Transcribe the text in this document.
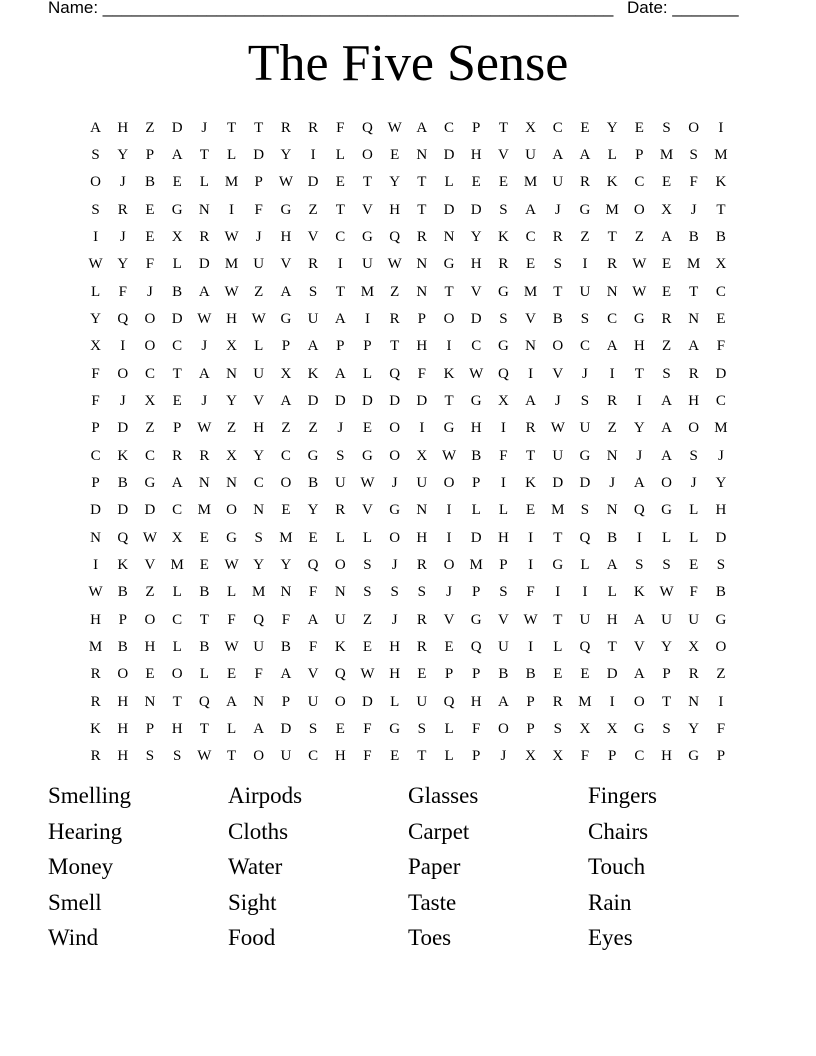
Name: ______________________________________________________ Date: _______
The Five Sense
A	H	Z	D	J	T	T	R	R	F	Q W A	C	P	T	X	C	E	Y	E	S	O	I
S	Y	P	A	T	L	D	Y	I	L	O	E	N	D	H	V	U	A	A	L	P	M	S	M
O	J	B	E	L	M	P	W D	E	T	Y	T	L	E	E	M	U	R	K	C	E	F	K
S	R	E	G	N	I	F	G	Z	T	V	H	T	D	D	S	A	J	G	M	O	X	J	T
I	J	E	X	R	W	J	H	V	C	G	Q	R	N	Y	K	C	R	Z	T	Z	A	B	B
W Y	F	L	D	M	U	V	R	I	U W N	G	H	R	E	S	I	R	W	E	M	X
L	F	J	B	A W	Z	A	S	T	M	Z	N	T	V	G	M	T	U	N W	E	T	C
Y	Q	O	D W H W G	U	A	I	R	P	O	D	S	V	B	S	C	G	R	N	E
X	I	O	C	J	X	L	P	A	P	P	T	H	I	C	G	N	O	C	A	H	Z	A	F
F	O	C	T	A	N	U	X	K	A	L	Q	F	K W Q	I	V	J	I	T	S	R	D
F	J	X	E	J	Y	V	A	D	D	D	D	D	T	G	X	A	J	S	R	I	A	H	C
P	D	Z	P	W	Z	H	Z	Z	J	E	O	I	G	H	I	R	W U	Z	Y	A	O	M
C	K	C	R	R	X	Y	C	G	S	G	O	X W	B	F	T	U	G	N	J	A	S	J
P	B	G	A	N	N	C	O	B	U W	J	U	O	P	I	K	D	D	J	A	O	J	Y
D	D	D	C	M	O	N	E	Y	R	V	G	N	I	L	L	E	M	S	N	Q	G	L	H
N	Q W X	E	G	S	M	E	L	L	O	H	I	D	H	I	T	Q	B	I	L	L	D
I	K	V	M	E	W Y	Y	Q	O	S	J	R	O	M	P	I	G	L	A	S	S	E	S
W	B	Z	L	B	L	M	N	F	N	S	S	S	J	P	S	F	I	I	L	K W	F	B
H	P	O	C	T	F	Q	F	A	U	Z	J	R	V	G	V W	T	U	H	A	U	U	G
M	B	H	L	B	W U	B	F	K	E	H	R	E	Q	U	I	L	Q	T	V	Y	X	O
R	O	E	O	L	E	F	A	V	Q W H	E	P	P	B	B	E	E	D	A	P	R	Z
R	H	N	T	Q	A	N	P	U	O	D	L	U	Q	H	A	P	R	M	I	O	T	N	I
K	H	P	H	T	L	A	D	S	E	F	G	S	L	F	O	P	S	X	X	G	S	Y	F
R	H	S	S	W	T	O	U	C	H	F	E	T	L	P	J	X	X	F	P	C	H	G	P
Smelling	Airpods	Glasses	Fingers
Hearing	Cloths	Carpet	Chairs
Money	Water	Paper	Touch
Smell	Sight	Taste	Rain
Wind	Food	Toes	Eyes
